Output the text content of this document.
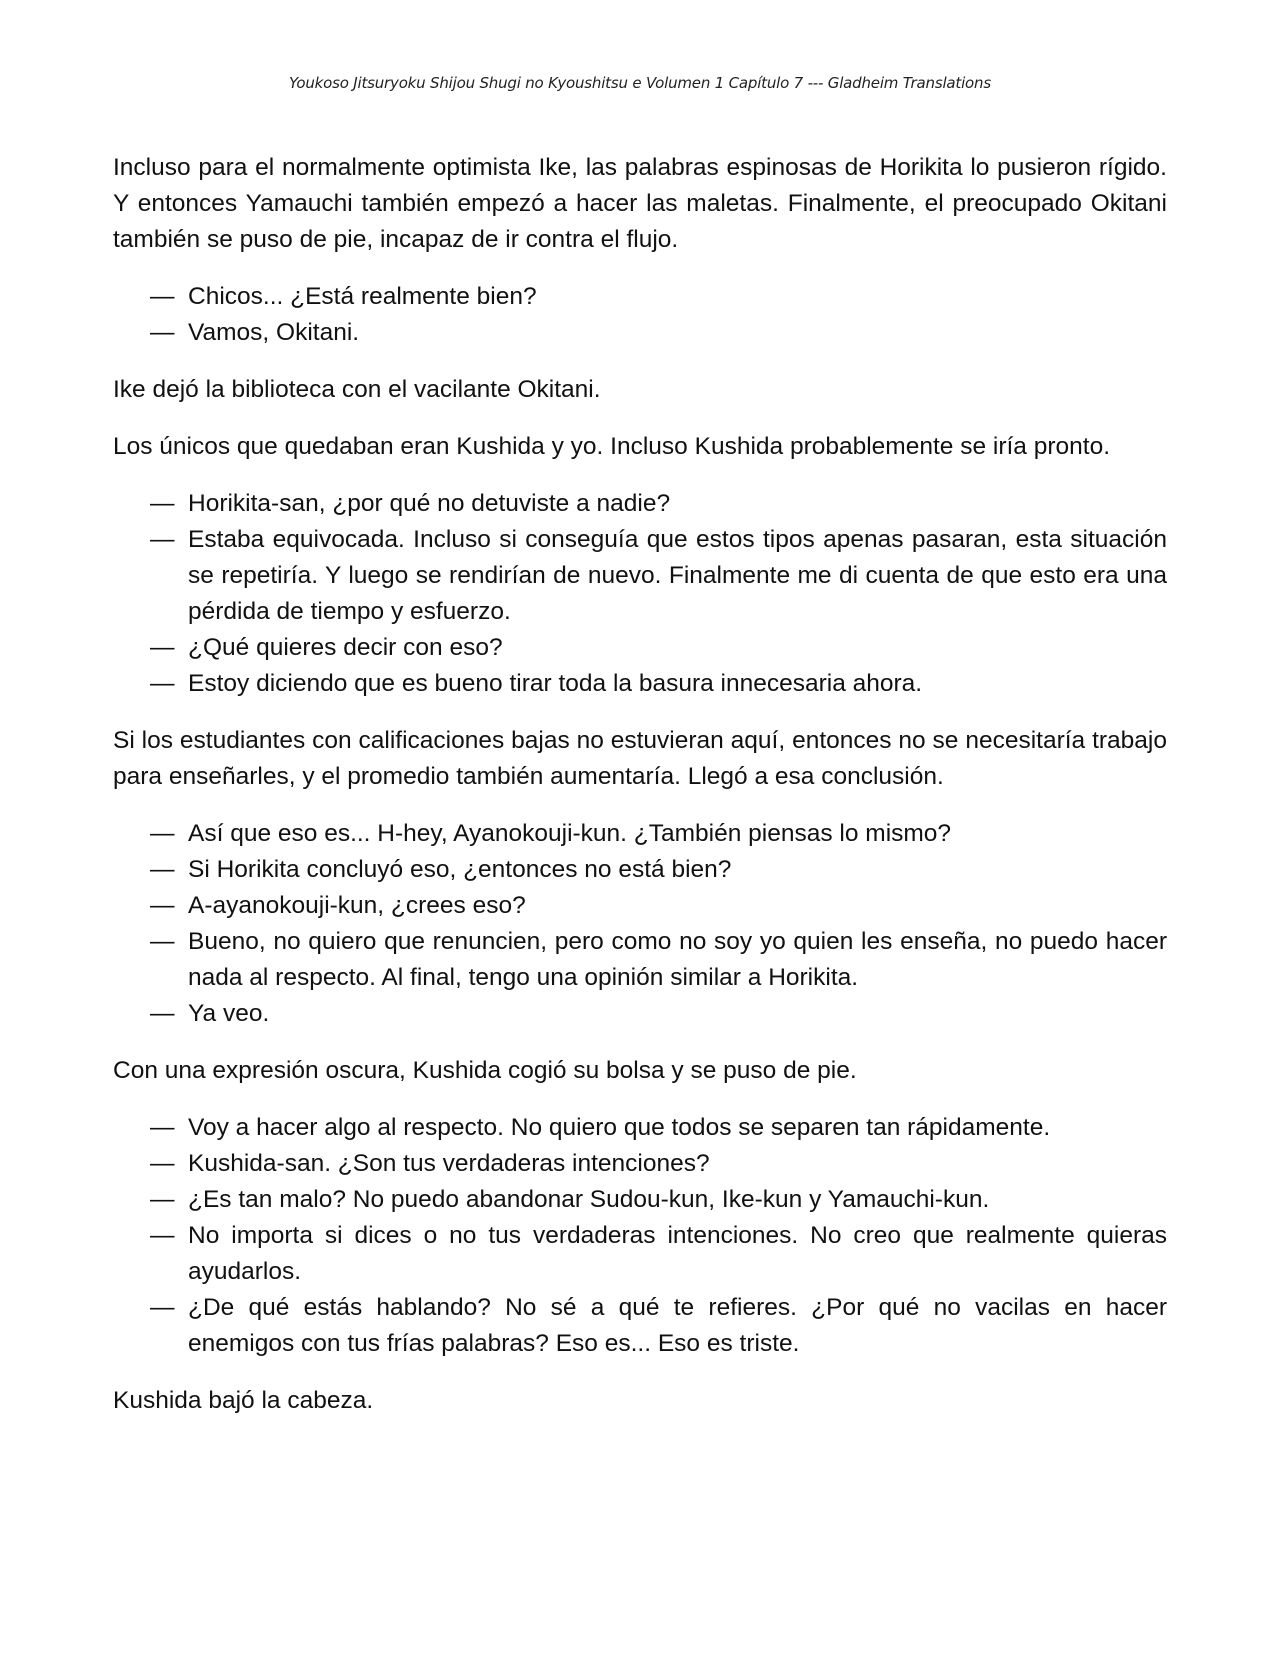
Youkoso Jitsuryoku Shijou Shugi no Kyoushitsu e Volumen 1 Capítulo 7 --- Gladheim Translations

Incluso para el normalmente optimista Ike, las palabras espinosas de Horikita lo pusieron rígido. Y entonces Yamauchi también empezó a hacer las maletas. Finalmente, el preocupado Okitani también se puso de pie, incapaz de ir contra el flujo.

— Chicos... ¿Está realmente bien?
— Vamos, Okitani.

Ike dejó la biblioteca con el vacilante Okitani.

Los únicos que quedaban eran Kushida y yo. Incluso Kushida probablemente se iría pronto.

— Horikita-san, ¿por qué no detuviste a nadie?
— Estaba equivocada. Incluso si conseguía que estos tipos apenas pasaran, esta situación se repetiría. Y luego se rendirían de nuevo. Finalmente me di cuenta de que esto era una pérdida de tiempo y esfuerzo.
— ¿Qué quieres decir con eso?
— Estoy diciendo que es bueno tirar toda la basura innecesaria ahora.

Si los estudiantes con calificaciones bajas no estuvieran aquí, entonces no se necesitaría trabajo para enseñarles, y el promedio también aumentaría. Llegó a esa conclusión.

— Así que eso es... H-hey, Ayanokouji-kun. ¿También piensas lo mismo?
— Si Horikita concluyó eso, ¿entonces no está bien?
— A-ayanokouji-kun, ¿crees eso?
— Bueno, no quiero que renuncien, pero como no soy yo quien les enseña, no puedo hacer nada al respecto. Al final, tengo una opinión similar a Horikita.
— Ya veo.

Con una expresión oscura, Kushida cogió su bolsa y se puso de pie.

— Voy a hacer algo al respecto. No quiero que todos se separen tan rápidamente.
— Kushida-san. ¿Son tus verdaderas intenciones?
— ¿Es tan malo? No puedo abandonar Sudou-kun, Ike-kun y Yamauchi-kun.
— No importa si dices o no tus verdaderas intenciones. No creo que realmente quieras ayudarlos.
— ¿De qué estás hablando? No sé a qué te refieres. ¿Por qué no vacilas en hacer enemigos con tus frías palabras? Eso es... Eso es triste.

Kushida bajó la cabeza.
